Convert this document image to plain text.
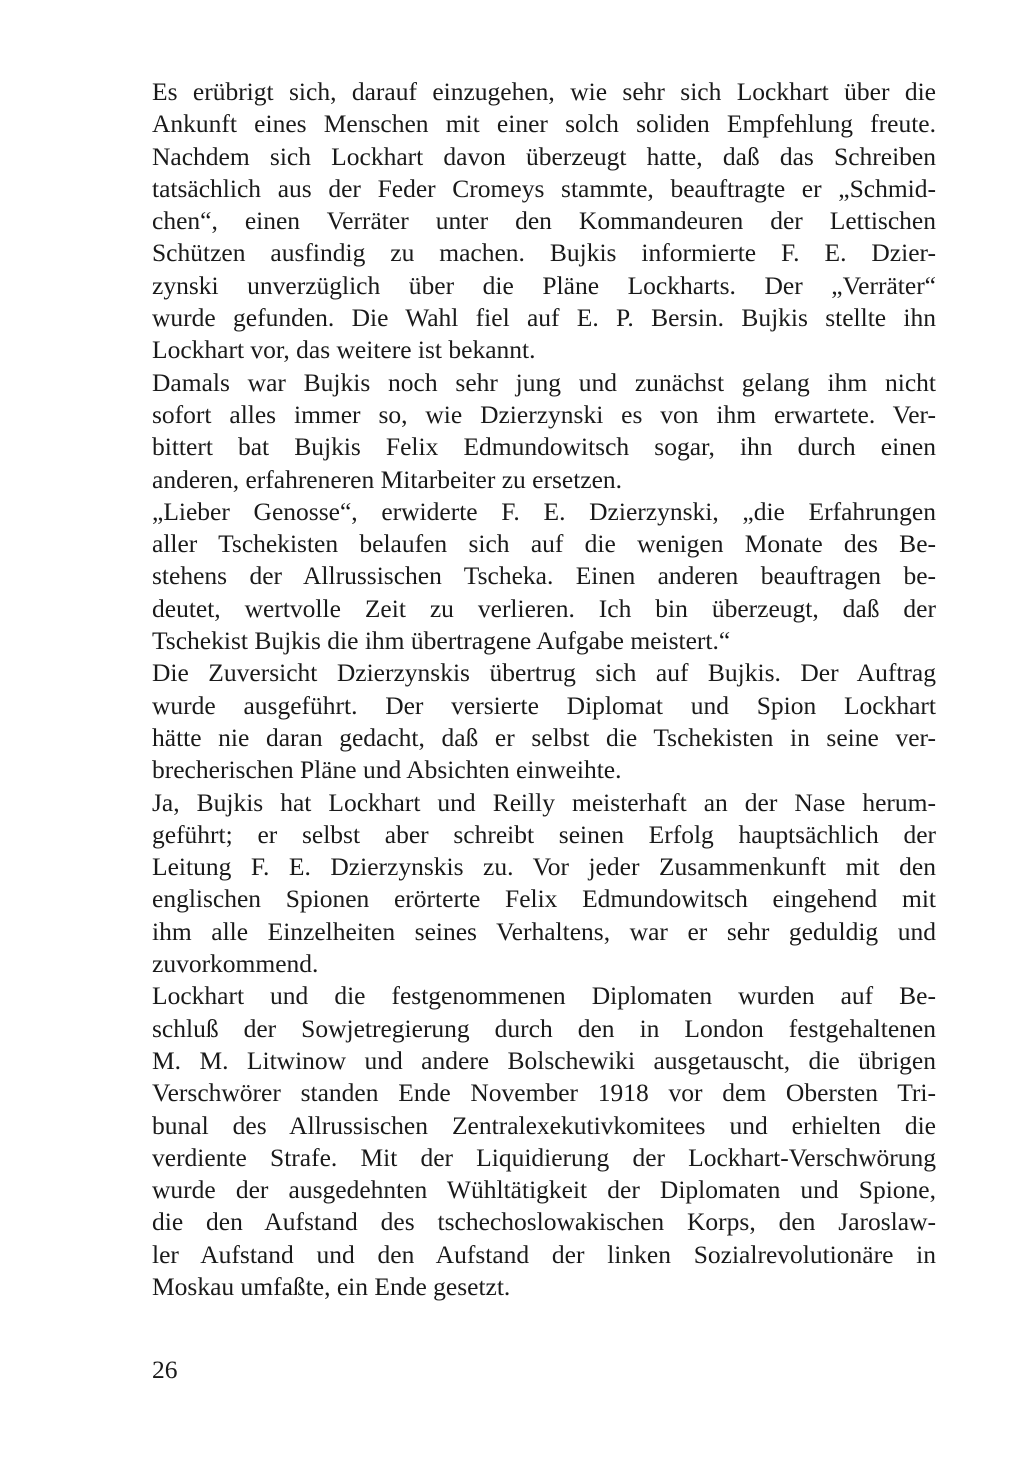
Es erübrigt sich, darauf einzugehen, wie sehr sich Lockhart über die
Ankunft eines Menschen mit einer solch soliden Empfehlung freute.
Nachdem sich Lockhart davon überzeugt hatte, daß das Schreiben
tatsächlich aus der Feder Cromeys stammte, beauftragte er „Schmid-
chen“, einen Verräter unter den Kommandeuren der Lettischen
Schützen ausfindig zu machen. Bujkis informierte F. E. Dzier-
zynski unverzüglich über die Pläne Lockharts. Der „Verräter“
wurde gefunden. Die Wahl fiel auf E. P. Bersin. Bujkis stellte ihn
Lockhart vor, das weitere ist bekannt.
Damals war Bujkis noch sehr jung und zunächst gelang ihm nicht
sofort alles immer so, wie Dzierzynski es von ihm erwartete. Ver-
bittert bat Bujkis Felix Edmundowitsch sogar, ihn durch einen
anderen, erfahreneren Mitarbeiter zu ersetzen.
„Lieber Genosse“, erwiderte F. E. Dzierzynski, „die Erfahrungen
aller Tschekisten belaufen sich auf die wenigen Monate des Be-
stehens der Allrussischen Tscheka. Einen anderen beauftragen be-
deutet, wertvolle Zeit zu verlieren. Ich bin überzeugt, daß der
Tschekist Bujkis die ihm übertragene Aufgabe meistert.“
Die Zuversicht Dzierzynskis übertrug sich auf Bujkis. Der Auftrag
wurde ausgeführt. Der versierte Diplomat und Spion Lockhart
hätte nie daran gedacht, daß er selbst die Tschekisten in seine ver-
brecherischen Pläne und Absichten einweihte.
Ja, Bujkis hat Lockhart und Reilly meisterhaft an der Nase herum-
geführt; er selbst aber schreibt seinen Erfolg hauptsächlich der
Leitung F. E. Dzierzynskis zu. Vor jeder Zusammenkunft mit den
englischen Spionen erörterte Felix Edmundowitsch eingehend mit
ihm alle Einzelheiten seines Verhaltens, war er sehr geduldig und
zuvorkommend.
Lockhart und die festgenommenen Diplomaten wurden auf Be-
schluß der Sowjetregierung durch den in London festgehaltenen
M. M. Litwinow und andere Bolschewiki ausgetauscht, die übrigen
Verschwörer standen Ende November 1918 vor dem Obersten Tri-
bunal des Allrussischen Zentralexekutivkomitees und erhielten die
verdiente Strafe. Mit der Liquidierung der Lockhart-Verschwörung
wurde der ausgedehnten Wühltätigkeit der Diplomaten und Spione,
die den Aufstand des tschechoslowakischen Korps, den Jaroslaw-
ler Aufstand und den Aufstand der linken Sozialrevolutionäre in
Moskau umfaßte, ein Ende gesetzt.
26
